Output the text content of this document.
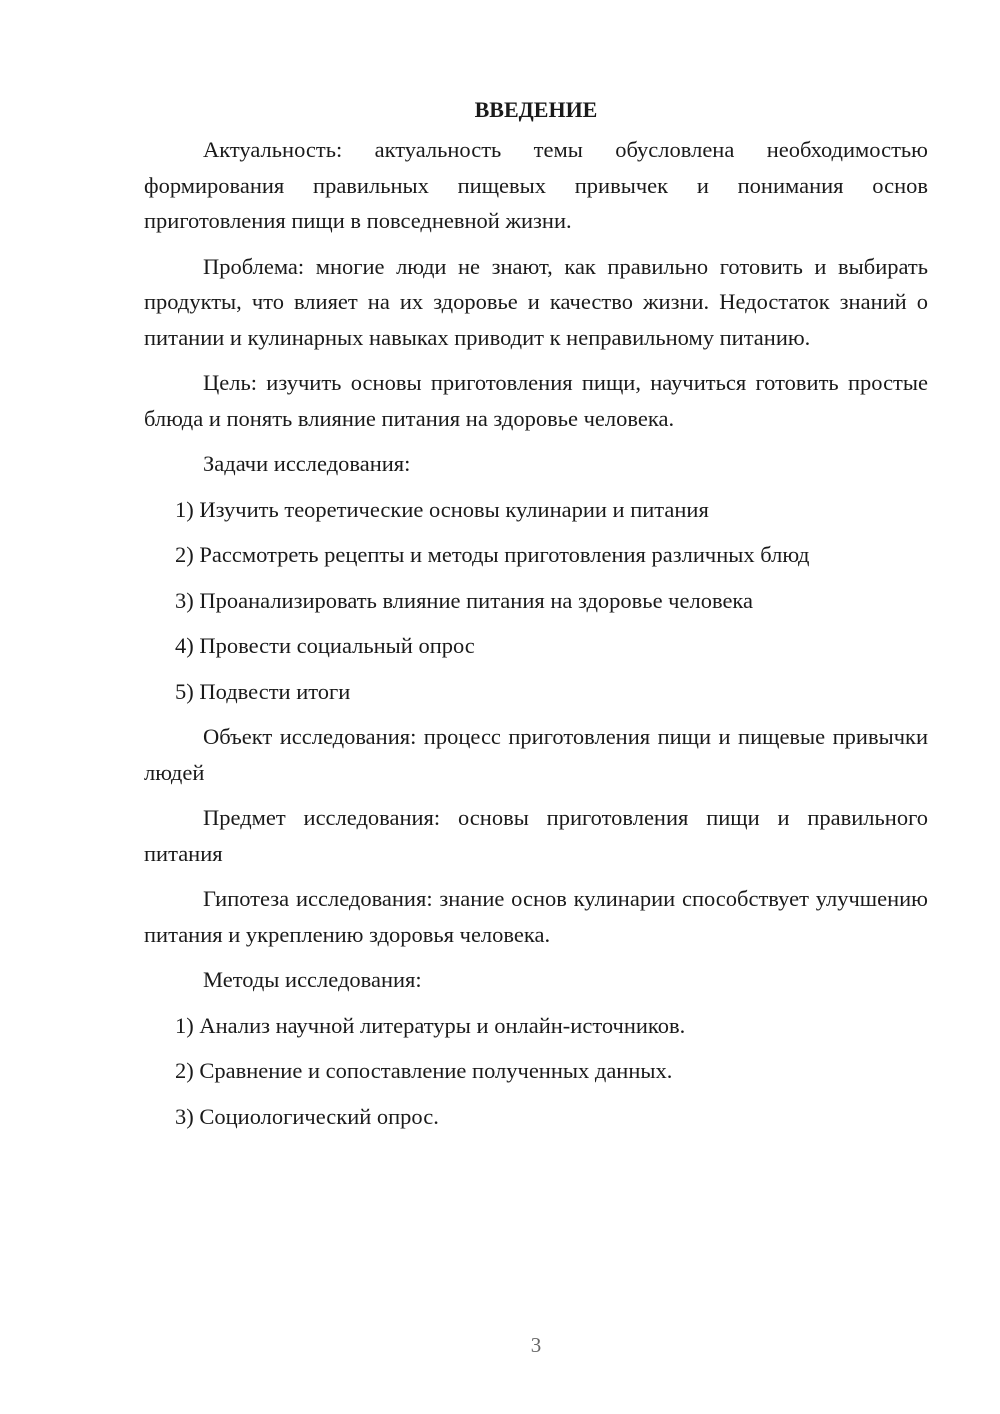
ВВЕДЕНИЕ

Актуальность: актуальность темы обусловлена необходимостью формирования правильных пищевых привычек и понимания основ приготовления пищи в повседневной жизни.

Проблема: многие люди не знают, как правильно готовить и выбирать продукты, что влияет на их здоровье и качество жизни. Недостаток знаний о питании и кулинарных навыках приводит к неправильному питанию.

Цель: изучить основы приготовления пищи, научиться готовить простые блюда и понять влияние питания на здоровье человека.

Задачи исследования:

1) Изучить теоретические основы кулинарии и питания

2) Рассмотреть рецепты и методы приготовления различных блюд

3) Проанализировать влияние питания на здоровье человека

4) Провести социальный опрос

5) Подвести итоги

Объект исследования: процесс приготовления пищи и пищевые привычки людей

Предмет исследования: основы приготовления пищи и правильного питания

Гипотеза исследования: знание основ кулинарии способствует улучшению питания и укреплению здоровья человека.

Методы исследования:

1) Анализ научной литературы и онлайн-источников.

2) Сравнение и сопоставление полученных данных.

3) Социологический опрос.

3
